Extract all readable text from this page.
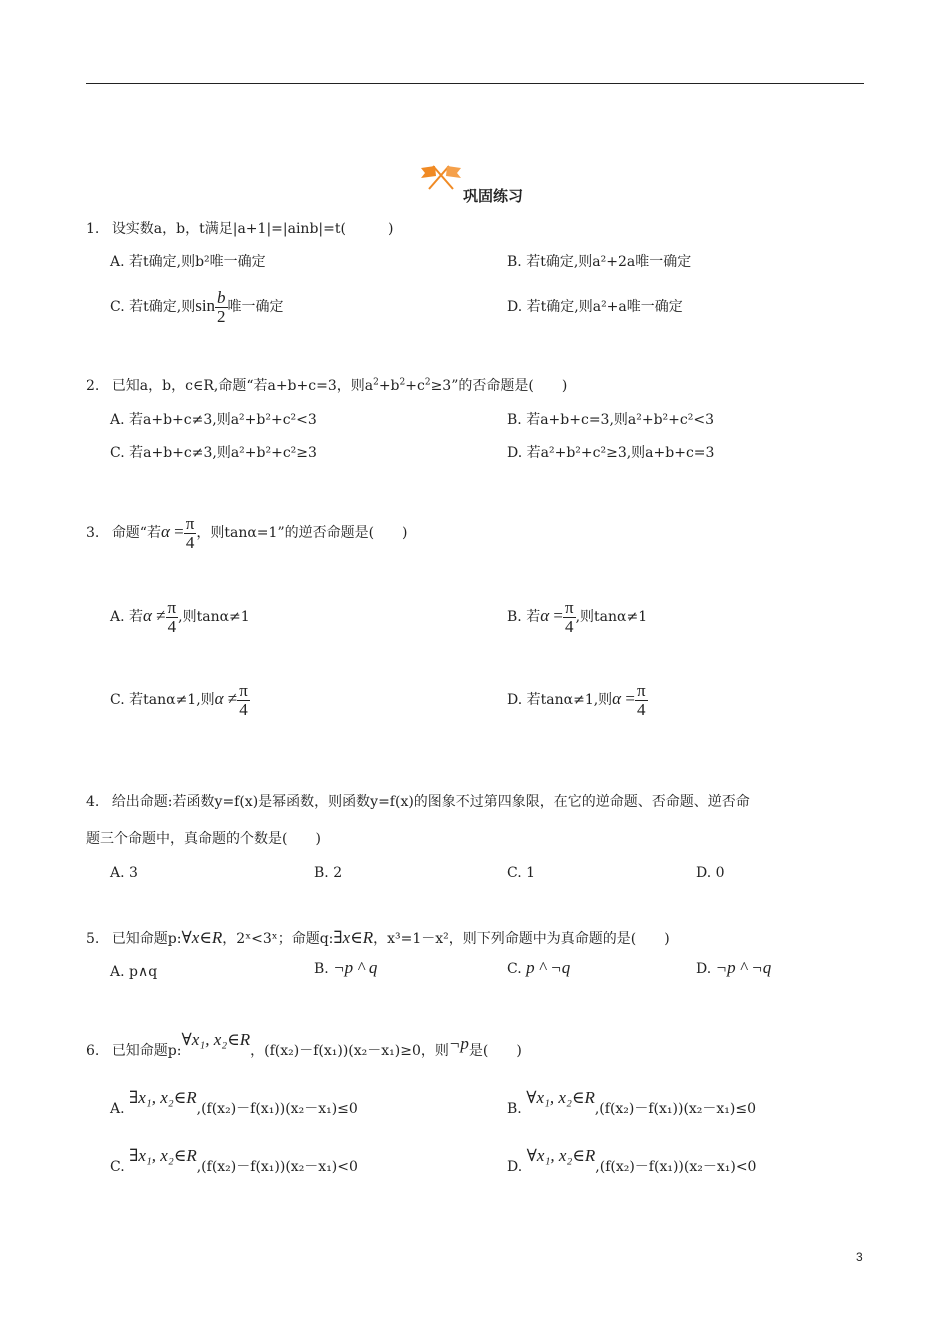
巩固练习
1. 设实数a，b，t满足|a+1|=|ainb|=t(　　　)
A. 若t确定,则b²唯一确定	B. 若t确定,则a²+2a唯一确定
C. 若t确定,则$\sin \frac{b}{2}$ 唯一确定	D. 若t确定,则a²+a唯一确定
2. 已知a，b，c∈R,命题“若a+b+c=3，则$a^2+b^2+c^2\ge 3$”的否命题是(　　)
A. 若a+b+c≠3,则a²+b²+c²<3	B. 若a+b+c=3,则a²+b²+c²<3
C. 若a+b+c≠3,则a²+b²+c²≥3	D. 若a²+b²+c²≥3,则a+b+c=3
3. 命题“若$\alpha = \frac{\pi}{4}$ ，则tanα=1”的逆否命题是(　　)
A. 若$\alpha \ne \frac{\pi}{4}$ ,则tanα≠1	B. 若$\alpha = \frac{\pi}{4}$ ,则tanα≠1
C. 若tanα≠1,则$\alpha \ne \frac{\pi}{4}$	D. 若tanα≠1,则$\alpha = \frac{\pi}{4}$
4. 给出命题:若函数y=f(x)是幂函数，则函数y=f(x)的图象不过第四象限，在它的逆命题、否命题、逆否命
题三个命题中，真命题的个数是(　　)
A. 3	B. 2	C. 1	D. 0
5. 已知命题p:∀x∈R，2ˣ<3ˣ；命题q:∃x∈R，x³=1－x²，则下列命题中为真命题的是(　　)
A. p∧q	B. ¬p ^ q	C. p ^ ¬q	D. ¬p ^ ¬q
6. 已知命题p:∀x₁, x₂∈R，(f(x₂)－f(x₁))(x₂－x₁)≥0，则¬p是(　　)
A. ∃x₁, x₂∈R,(f(x₂)－f(x₁))(x₂－x₁)≤0	B. ∀x₁, x₂∈R,(f(x₂)－f(x₁))(x₂－x₁)≤0
C. ∃x₁, x₂∈R,(f(x₂)－f(x₁))(x₂－x₁)<0	D. ∀x₁, x₂∈R,(f(x₂)－f(x₁))(x₂－x₁)<0
3
